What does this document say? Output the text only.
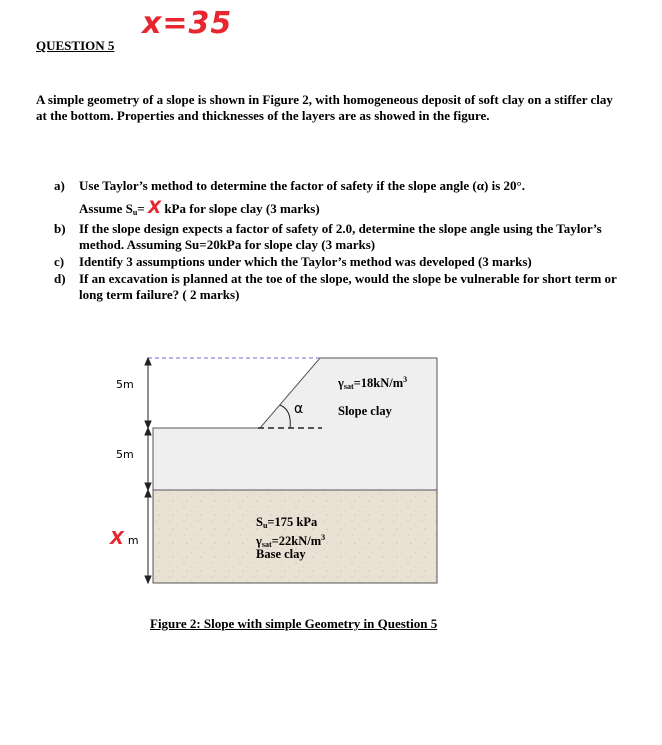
QUESTION 5
x=35
A simple geometry of a slope is shown in Figure 2, with homogeneous deposit of soft clay on a stiffer clay at the bottom. Properties and thicknesses of the layers are as showed in the figure.
a) Use Taylor’s method to determine the factor of safety if the slope angle (α) is 20°.
Assume $S_u= X$ kPa for slope clay (3 marks)
b) If the slope design expects a factor of safety of 2.0, determine the slope angle using the Taylor’s method. Assuming Su=20kPa for slope clay (3 marks)
c) Identify 3 assumptions under which the Taylor’s method was developed (3 marks)
d) If an excavation is planned at the toe of the slope, would the slope be vulnerable for short term or long term failure? ( 2 marks)
5m
5m
X m
α
$\gamma_{sat}=18kN/m^3$
Slope clay
$S_u=175$ kPa
$\gamma_{sat}=22kN/m^3$
Base clay
Figure 2: Slope with simple Geometry in Question 5
